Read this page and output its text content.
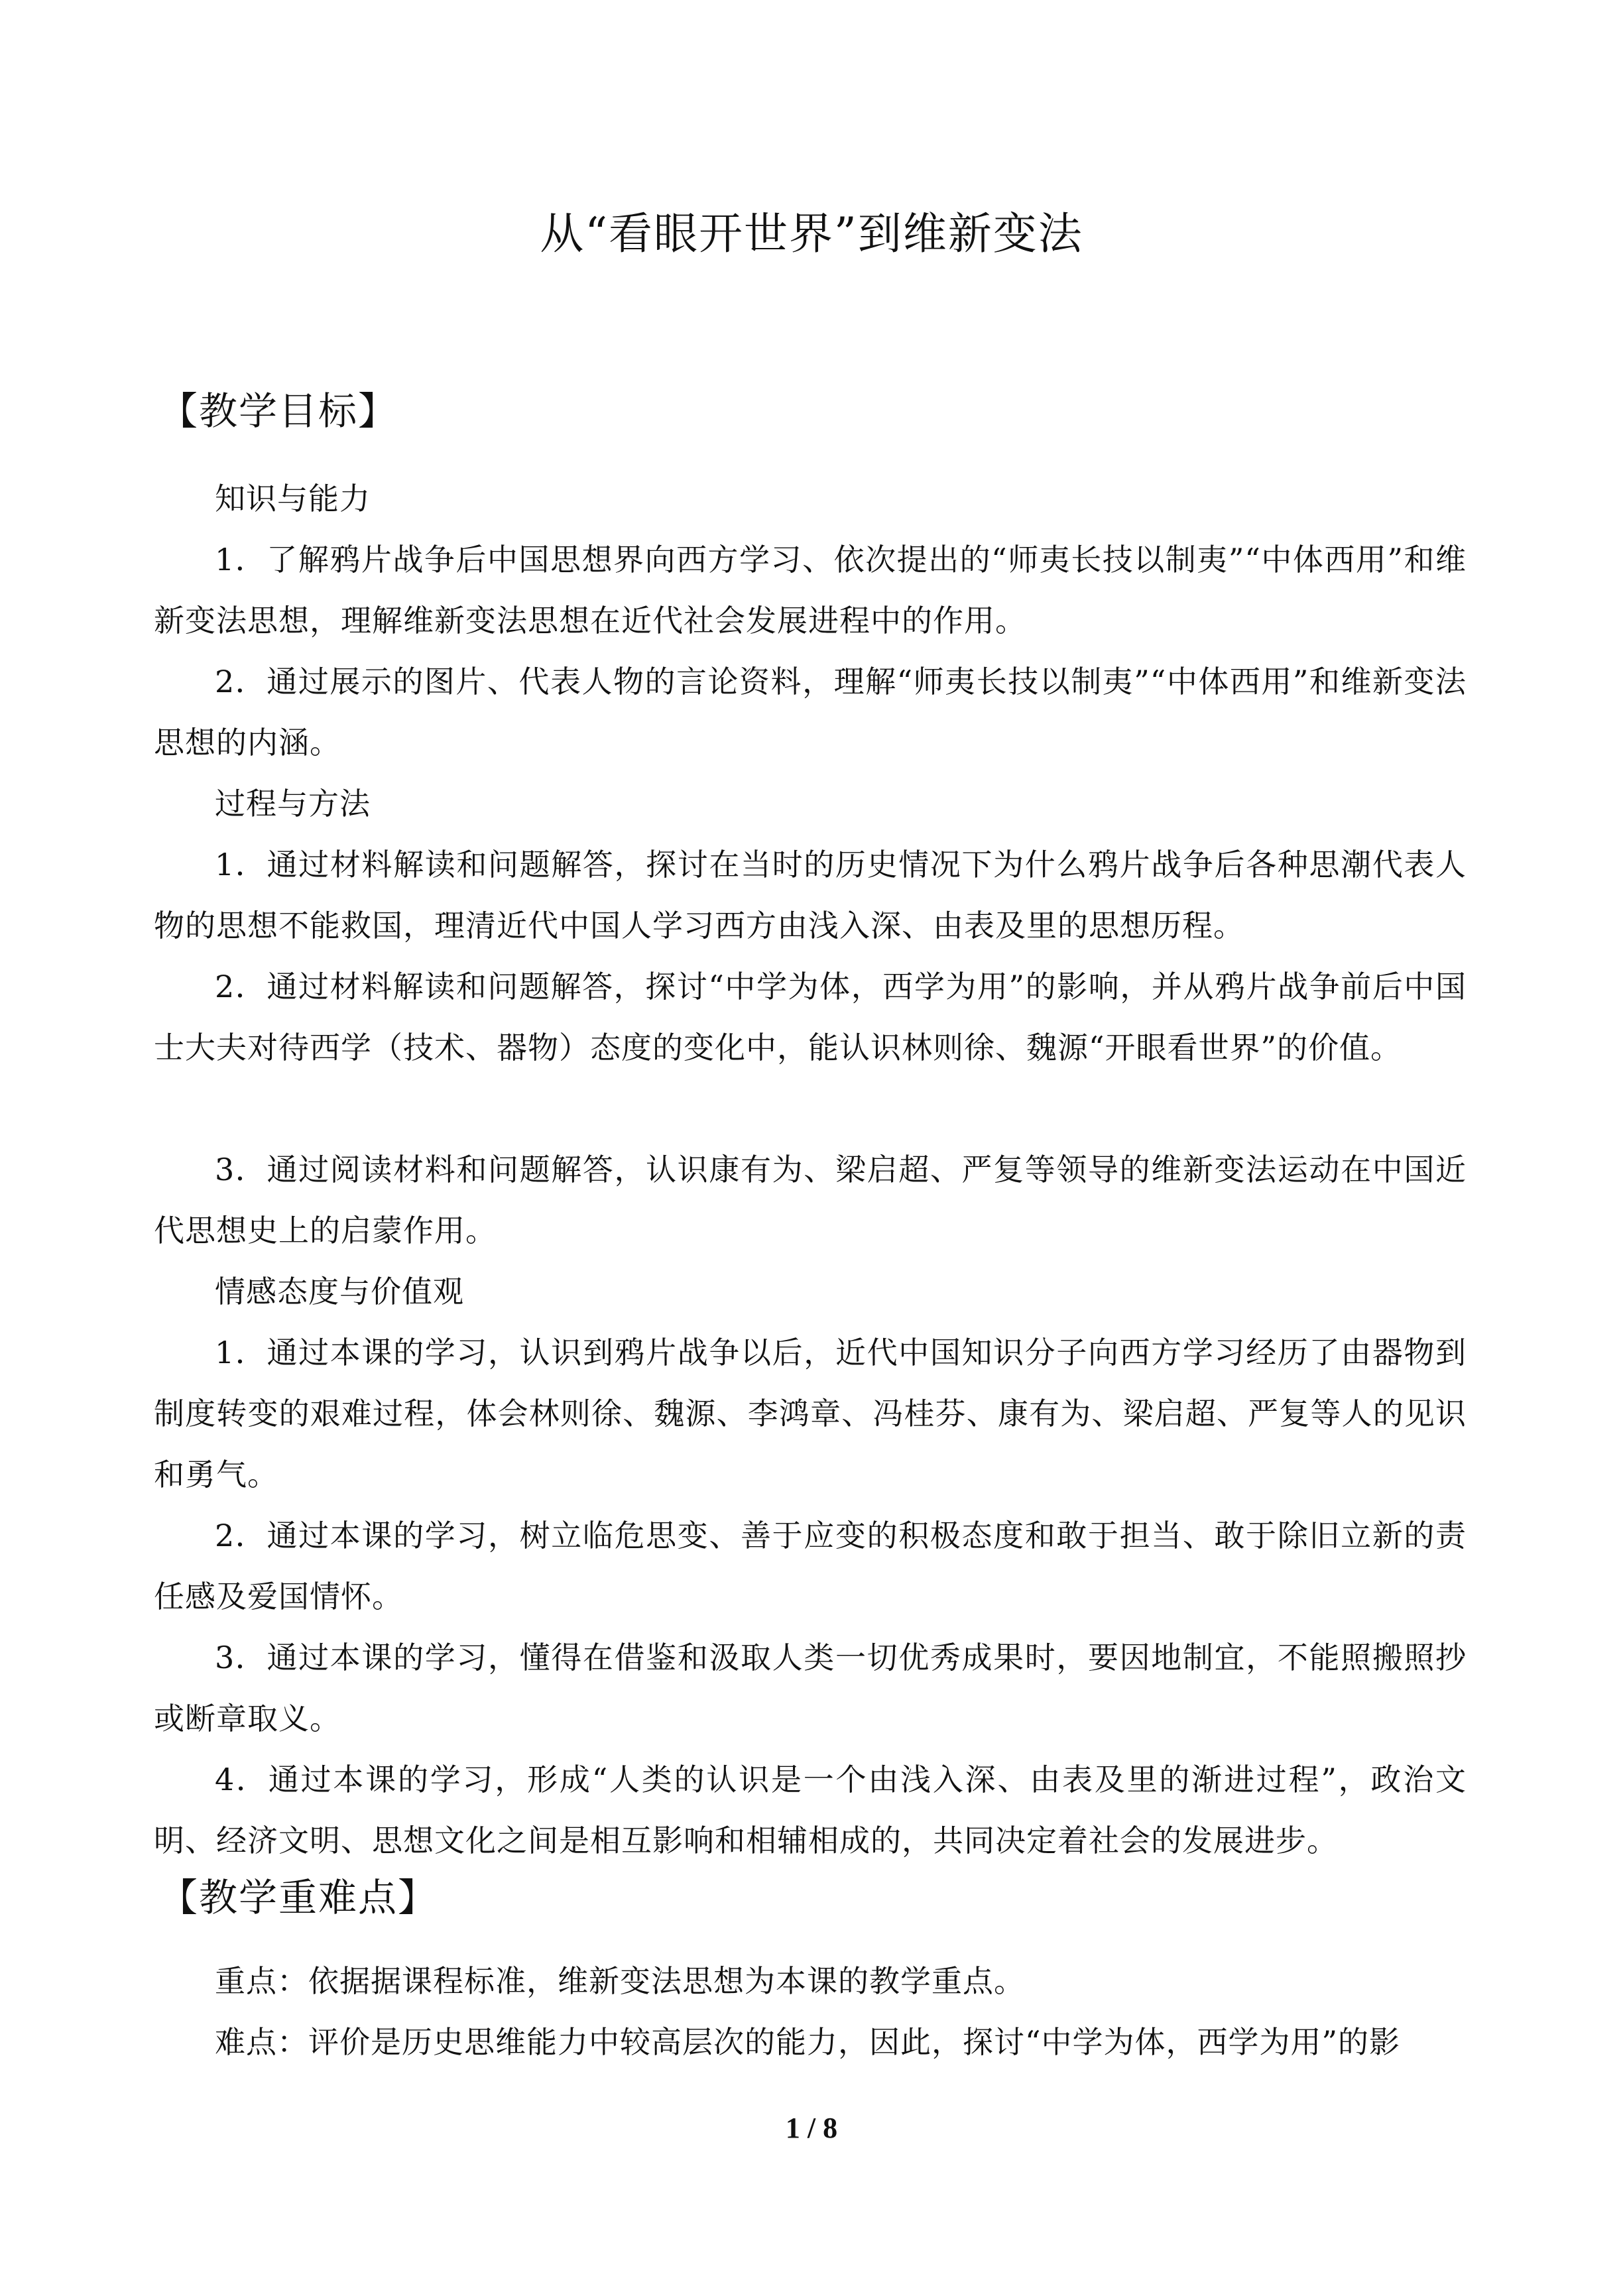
从“看眼开世界”到维新变法
【教学目标】
知识与能力
1．了解鸦片战争后中国思想界向西方学习、依次提出的“师夷长技以制夷”“中体西用”和维新变法思想，理解维新变法思想在近代社会发展进程中的作用。
2．通过展示的图片、代表人物的言论资料，理解“师夷长技以制夷”“中体西用”和维新变法思想的内涵。
过程与方法
1．通过材料解读和问题解答，探讨在当时的历史情况下为什么鸦片战争后各种思潮代表人物的思想不能救国，理清近代中国人学习西方由浅入深、由表及里的思想历程。
2．通过材料解读和问题解答，探讨“中学为体，西学为用”的影响，并从鸦片战争前后中国士大夫对待西学（技术、器物）态度的变化中，能认识林则徐、魏源“开眼看世界”的价值。
3．通过阅读材料和问题解答，认识康有为、梁启超、严复等领导的维新变法运动在中国近代思想史上的启蒙作用。
情感态度与价值观
1．通过本课的学习，认识到鸦片战争以后，近代中国知识分子向西方学习经历了由器物到制度转变的艰难过程，体会林则徐、魏源、李鸿章、冯桂芬、康有为、梁启超、严复等人的见识和勇气。
2．通过本课的学习，树立临危思变、善于应变的积极态度和敢于担当、敢于除旧立新的责任感及爱国情怀。
3．通过本课的学习，懂得在借鉴和汲取人类一切优秀成果时，要因地制宜，不能照搬照抄或断章取义。
4．通过本课的学习，形成“人类的认识是一个由浅入深、由表及里的渐进过程”，政治文明、经济文明、思想文化之间是相互影响和相辅相成的，共同决定着社会的发展进步。
【教学重难点】
重点：依据据课程标准，维新变法思想为本课的教学重点。
难点：评价是历史思维能力中较高层次的能力，因此，探讨“中学为体，西学为用”的影
1 / 8
